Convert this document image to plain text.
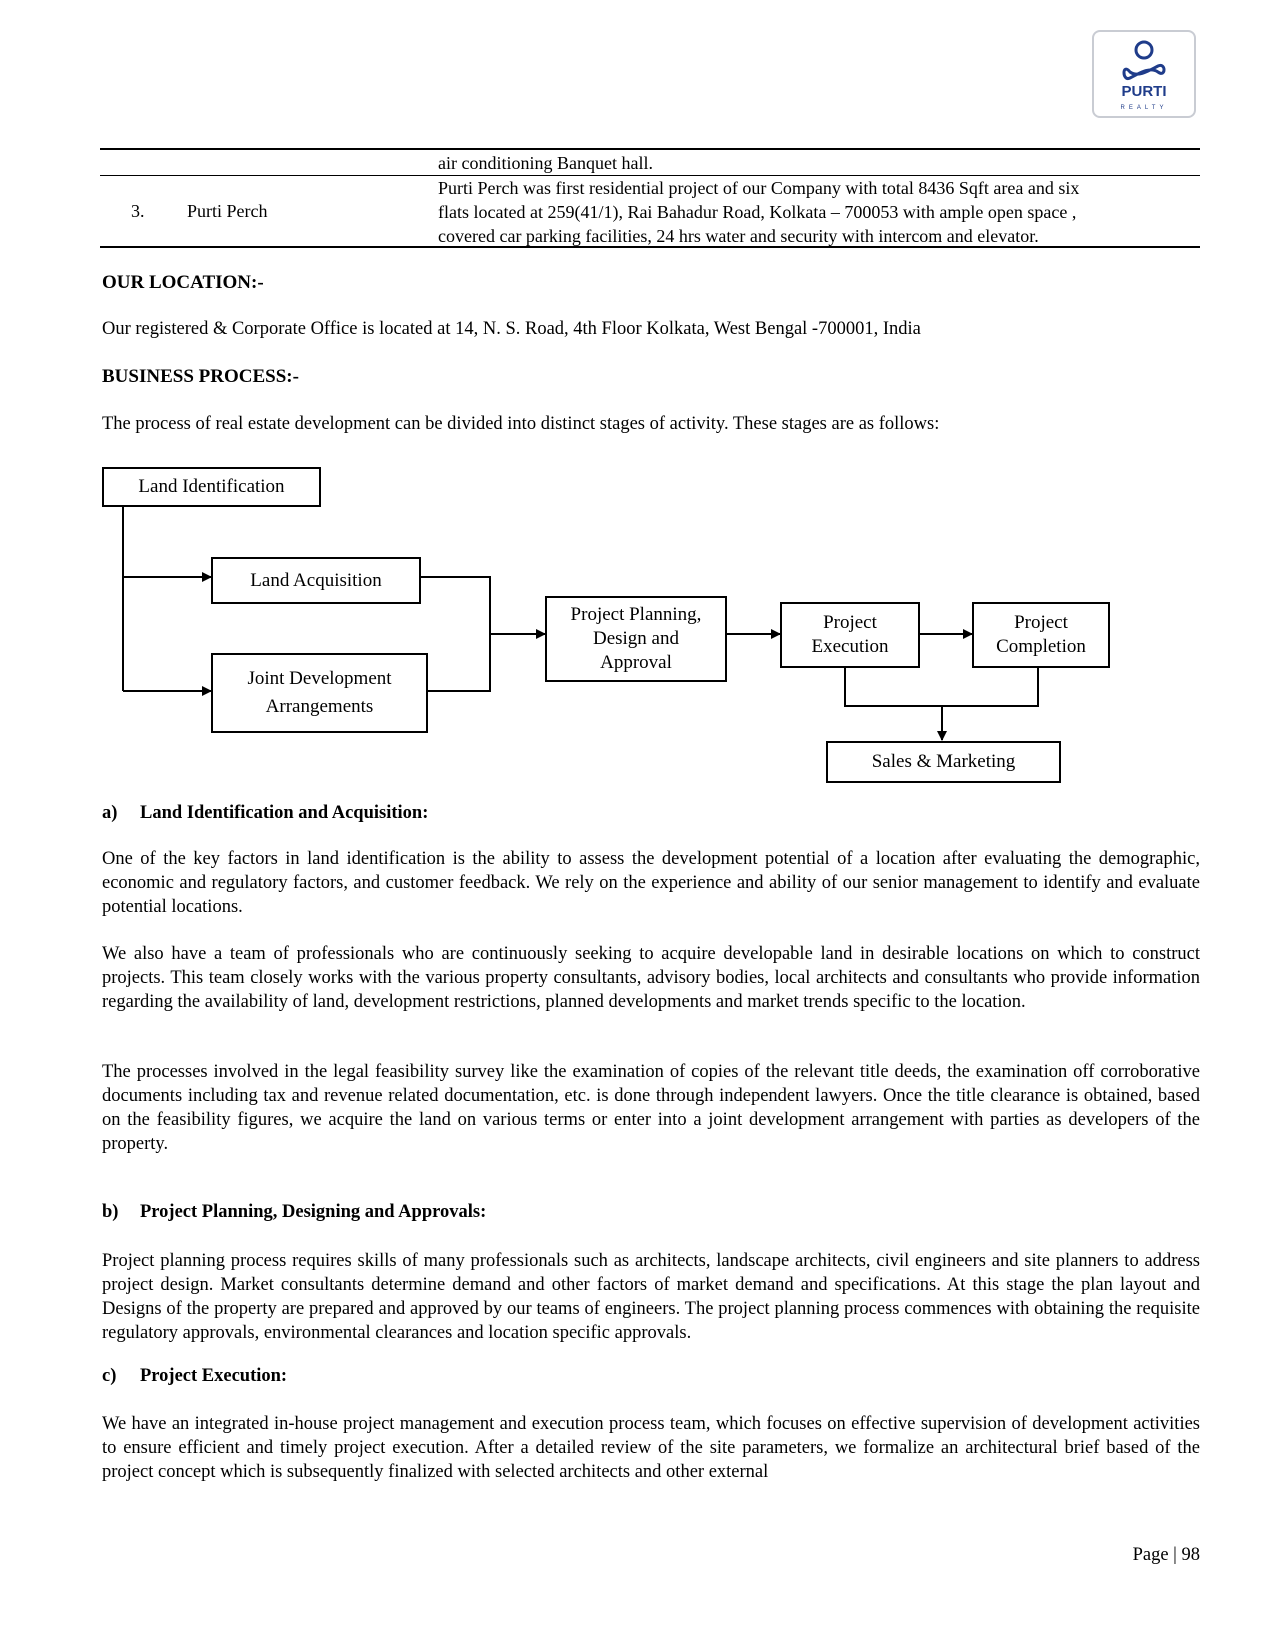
PURTI
REALTY
air conditioning Banquet hall.
3. Purti Perch
Purti Perch was first residential project of our Company with total 8436 Sqft area and six
flats located at 259(41/1), Rai Bahadur Road, Kolkata – 700053 with ample open space ,
covered car parking facilities, 24 hrs water and security with intercom and elevator.
OUR LOCATION:-
Our registered & Corporate Office is located at 14, N. S. Road, 4th Floor Kolkata, West Bengal -700001, India
BUSINESS PROCESS:-
The process of real estate development can be divided into distinct stages of activity. These stages are as follows:
Land Identification
Land Acquisition
Joint Development
Arrangements
Project Planning,
Design and
Approval
Project
Execution
Project
Completion
Sales & Marketing
a) Land Identification and Acquisition:
One of the key factors in land identification is the ability to assess the development potential of a location after evaluating the demographic, economic and regulatory factors, and customer feedback. We rely on the experience and ability of our senior management to identify and evaluate potential locations.
We also have a team of professionals who are continuously seeking to acquire developable land in desirable locations on which to construct projects. This team closely works with the various property consultants, advisory bodies, local architects and consultants who provide information regarding the availability of land, development restrictions, planned developments and market trends specific to the location.
The processes involved in the legal feasibility survey like the examination of copies of the relevant title deeds, the examination off corroborative documents including tax and revenue related documentation, etc. is done through independent lawyers. Once the title clearance is obtained, based on the feasibility figures, we acquire the land on various terms or enter into a joint development arrangement with parties as developers of the property.
b) Project Planning, Designing and Approvals:
Project planning process requires skills of many professionals such as architects, landscape architects, civil engineers and site planners to address project design. Market consultants determine demand and other factors of market demand and specifications. At this stage the plan layout and Designs of the property are prepared and approved by our teams of engineers. The project planning process commences with obtaining the requisite regulatory approvals, environmental clearances and location specific approvals.
c) Project Execution:
We have an integrated in-house project management and execution process team, which focuses on effective supervision of development activities to ensure efficient and timely project execution. After a detailed review of the site parameters, we formalize an architectural brief based of the project concept which is subsequently finalized with selected architects and other external
Page | 98
